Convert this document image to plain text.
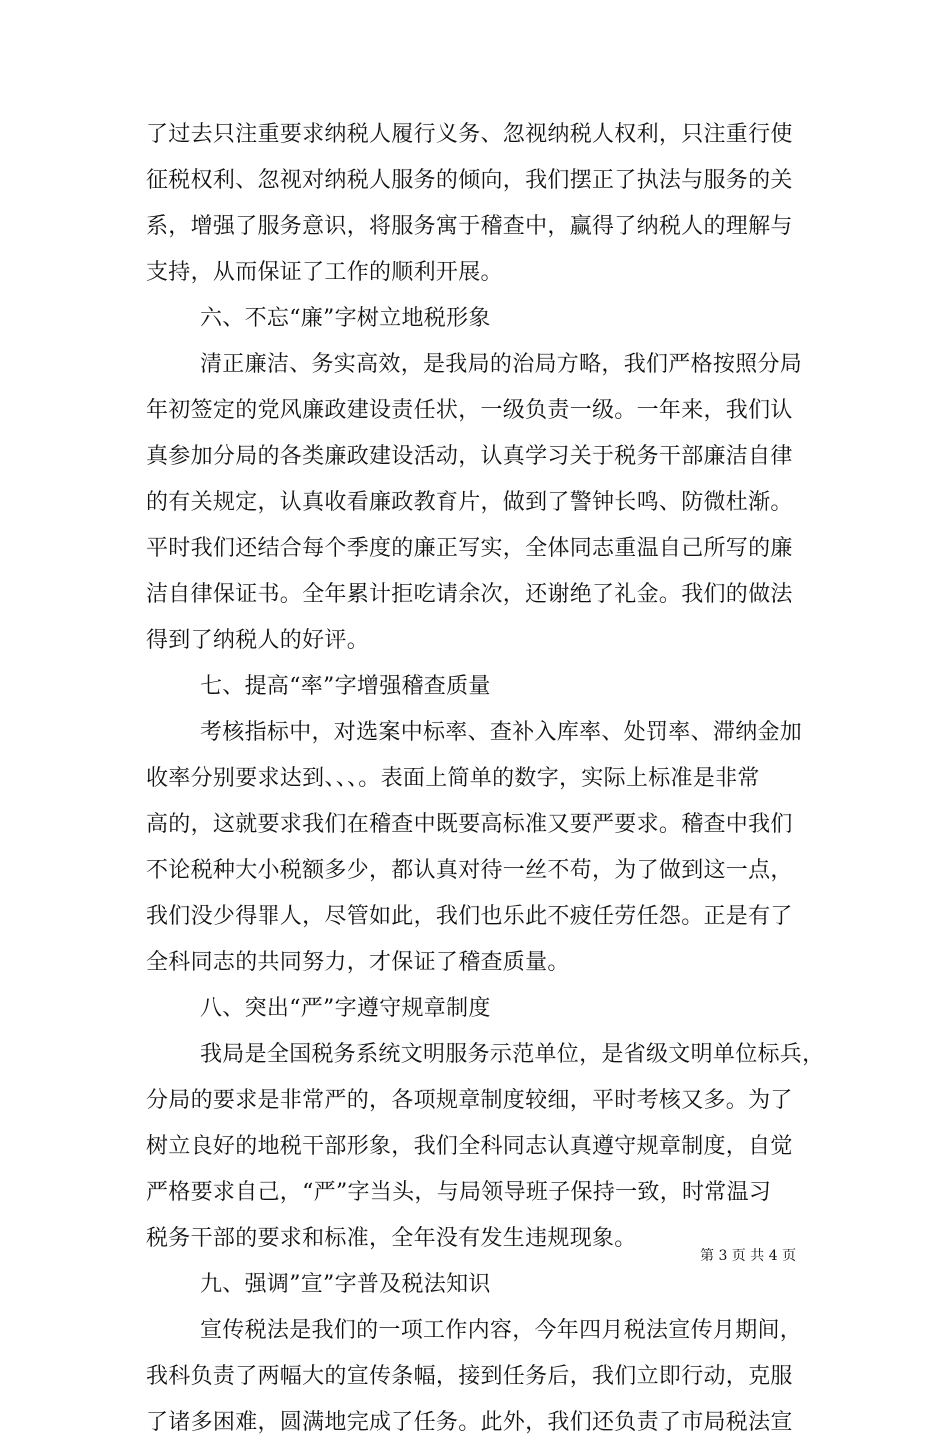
了过去只注重要求纳税人履行义务、忽视纳税人权利，只注重行使
征税权利、忽视对纳税人服务的倾向，我们摆正了执法与服务的关
系，增强了服务意识，将服务寓于稽查中，赢得了纳税人的理解与
支持，从而保证了工作的顺利开展。
六、不忘“廉”字树立地税形象
清正廉洁、务实高效，是我局的治局方略，我们严格按照分局
年初签定的党风廉政建设责任状，一级负责一级。一年来，我们认
真参加分局的各类廉政建设活动，认真学习关于税务干部廉洁自律
的有关规定，认真收看廉政教育片，做到了警钟长鸣、防微杜渐。
平时我们还结合每个季度的廉正写实，全体同志重温自己所写的廉
洁自律保证书。全年累计拒吃请余次，还谢绝了礼金。我们的做法
得到了纳税人的好评。
七、提高“率”字增强稽查质量
考核指标中，对选案中标率、查补入库率、处罚率、滞纳金加
收率分别要求达到、、、。表面上简单的数字，实际上标准是非常
高的，这就要求我们在稽查中既要高标准又要严要求。稽查中我们
不论税种大小税额多少，都认真对待一丝不苟，为了做到这一点，
我们没少得罪人，尽管如此，我们也乐此不疲任劳任怨。正是有了
全科同志的共同努力，才保证了稽查质量。
八、突出“严”字遵守规章制度
我局是全国税务系统文明服务示范单位，是省级文明单位标兵，
分局的要求是非常严的，各项规章制度较细，平时考核又多。为了
树立良好的地税干部形象，我们全科同志认真遵守规章制度，自觉
严格要求自己，“严”字当头，与局领导班子保持一致，时常温习
税务干部的要求和标准，全年没有发生违规现象。
九、强调”宣”字普及税法知识
宣传税法是我们的一项工作内容，今年四月税法宣传月期间，
我科负责了两幅大的宣传条幅，接到任务后，我们立即行动，克服
了诸多困难，圆满地完成了任务。此外，我们还负责了市局税法宣
第 3 页 共 4 页
